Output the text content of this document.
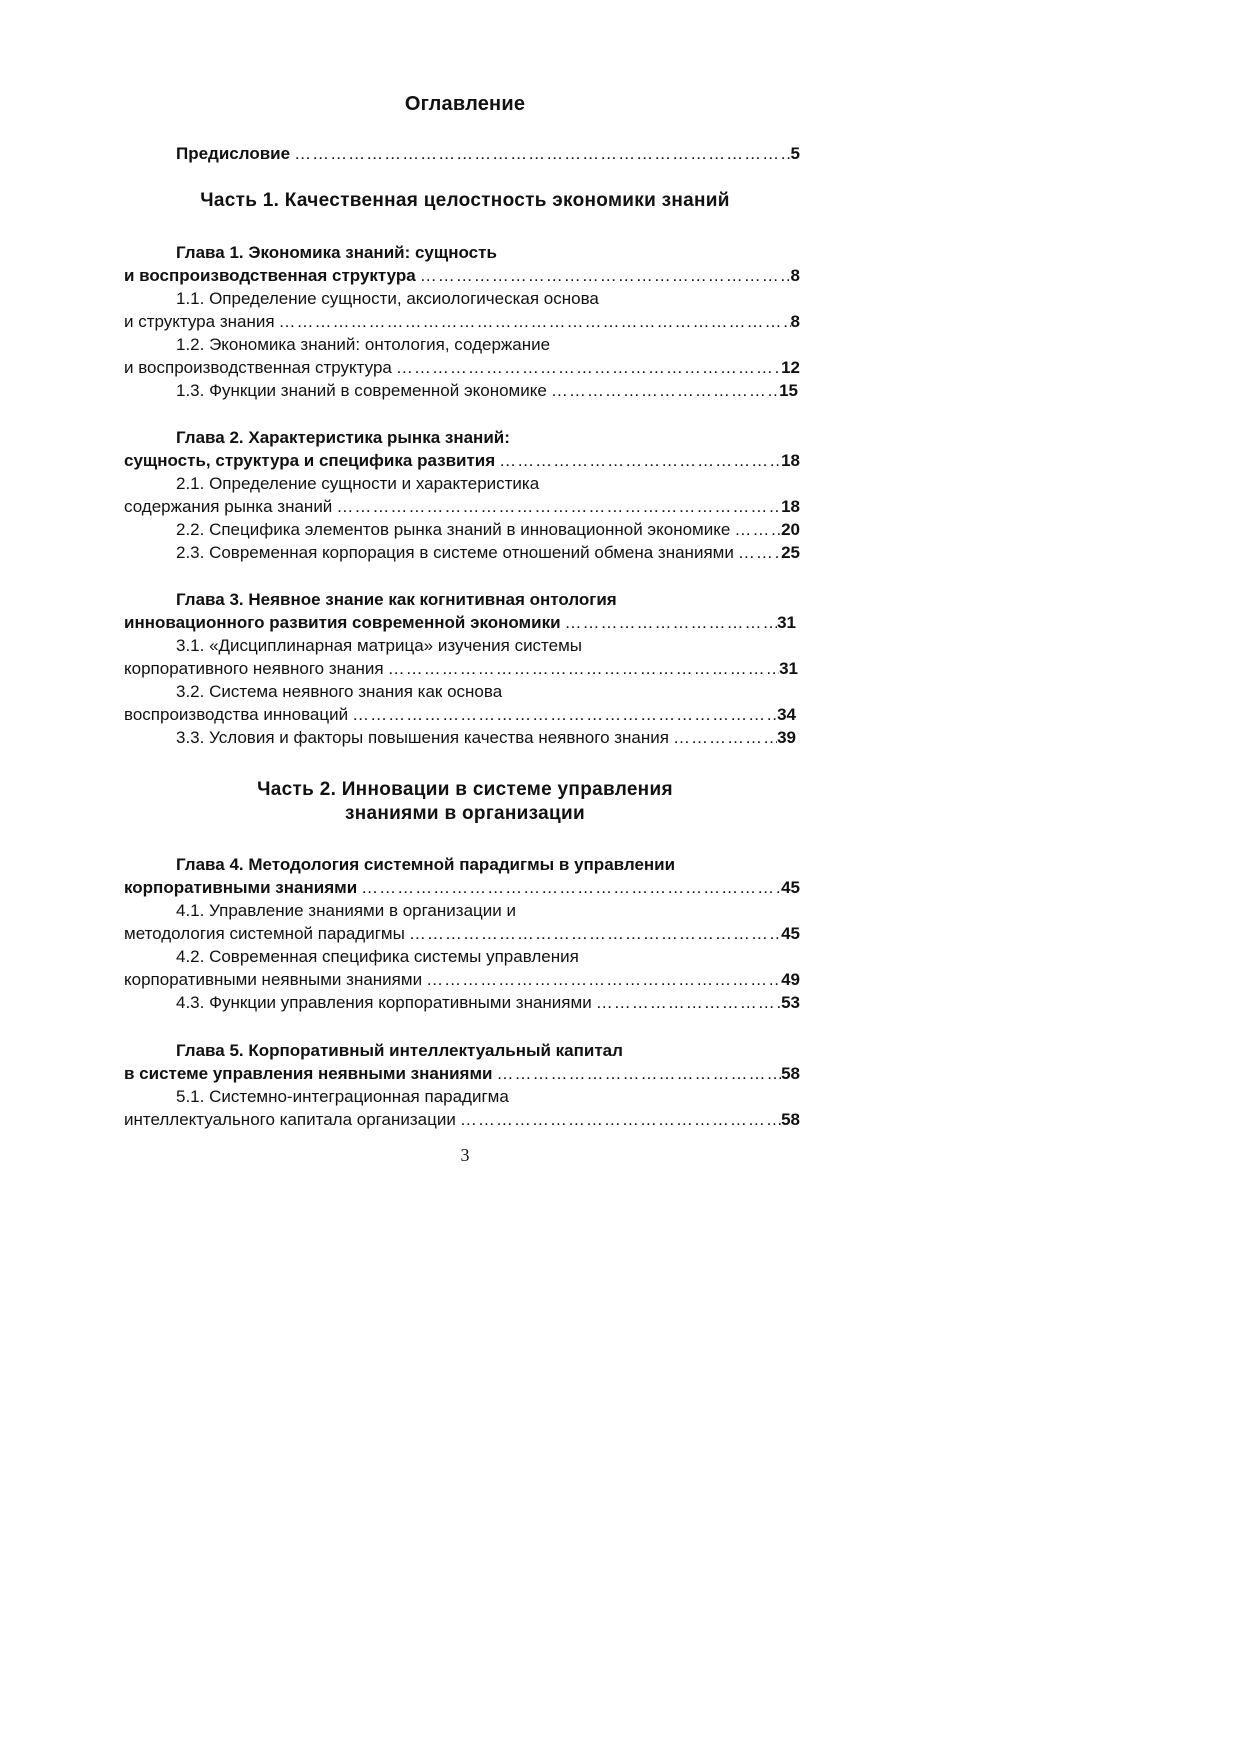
Оглавление
Предисловие …………………………………………………………………………………………………………………………………………………………………………………………	5
Часть 1. Качественная целостность экономики знаний
Глава 1. Экономика знаний: сущность
и воспроизводственная структура …………………………………………………………………………………………………………………………………………………………………………………………	8
1.1. Определение сущности, аксиологическая основа
и структура знания …………………………………………………………………………………………………………………………………………………………………………………………	8
1.2. Экономика знаний: онтология, содержание
и воспроизводственная структура …………………………………………………………………………………………………………………………………………………………………………………………	12
1.3. Функции знаний в современной экономике …………………………………………………………………………………………………………………………………………………………………………………………	15
Глава 2. Характеристика рынка знаний:
сущность, структура и специфика развития …………………………………………………………………………………………………………………………………………………………………………………………	18
2.1. Определение сущности и характеристика
содержания рынка знаний …………………………………………………………………………………………………………………………………………………………………………………………	18
2.2. Специфика элементов рынка знаний в инновационной экономике …………………………………………………………………………………………………………………………………………………………………………………………	20
2.3. Современная корпорация в системе отношений обмена знаниями …………………………………………………………………………………………………………………………………………………………………………………………	25
Глава 3. Неявное знание как когнитивная онтология
инновационного развития современной экономики …………………………………………………………………………………………………………………………………………………………………………………………	31
3.1. «Дисциплинарная матрица» изучения системы
корпоративного неявного знания …………………………………………………………………………………………………………………………………………………………………………………………	31
3.2. Система неявного знания как основа
воспроизводства инноваций …………………………………………………………………………………………………………………………………………………………………………………………	34
3.3. Условия и факторы повышения качества неявного знания …………………………………………………………………………………………………………………………………………………………………………………………	39
Часть 2. Инновации в системе управления
знаниями в организации
Глава 4. Методология системной парадигмы в управлении
корпоративными знаниями …………………………………………………………………………………………………………………………………………………………………………………………	45
4.1. Управление знаниями в организации и
методология системной парадигмы …………………………………………………………………………………………………………………………………………………………………………………………	45
4.2. Современная специфика системы управления
корпоративными неявными знаниями …………………………………………………………………………………………………………………………………………………………………………………………	49
4.3. Функции управления корпоративными знаниями …………………………………………………………………………………………………………………………………………………………………………………………	53
Глава 5. Корпоративный интеллектуальный капитал
в системе управления неявными знаниями …………………………………………………………………………………………………………………………………………………………………………………………	58
5.1. Системно-интеграционная парадигма
интеллектуального капитала организации …………………………………………………………………………………………………………………………………………………………………………………………	58
3
